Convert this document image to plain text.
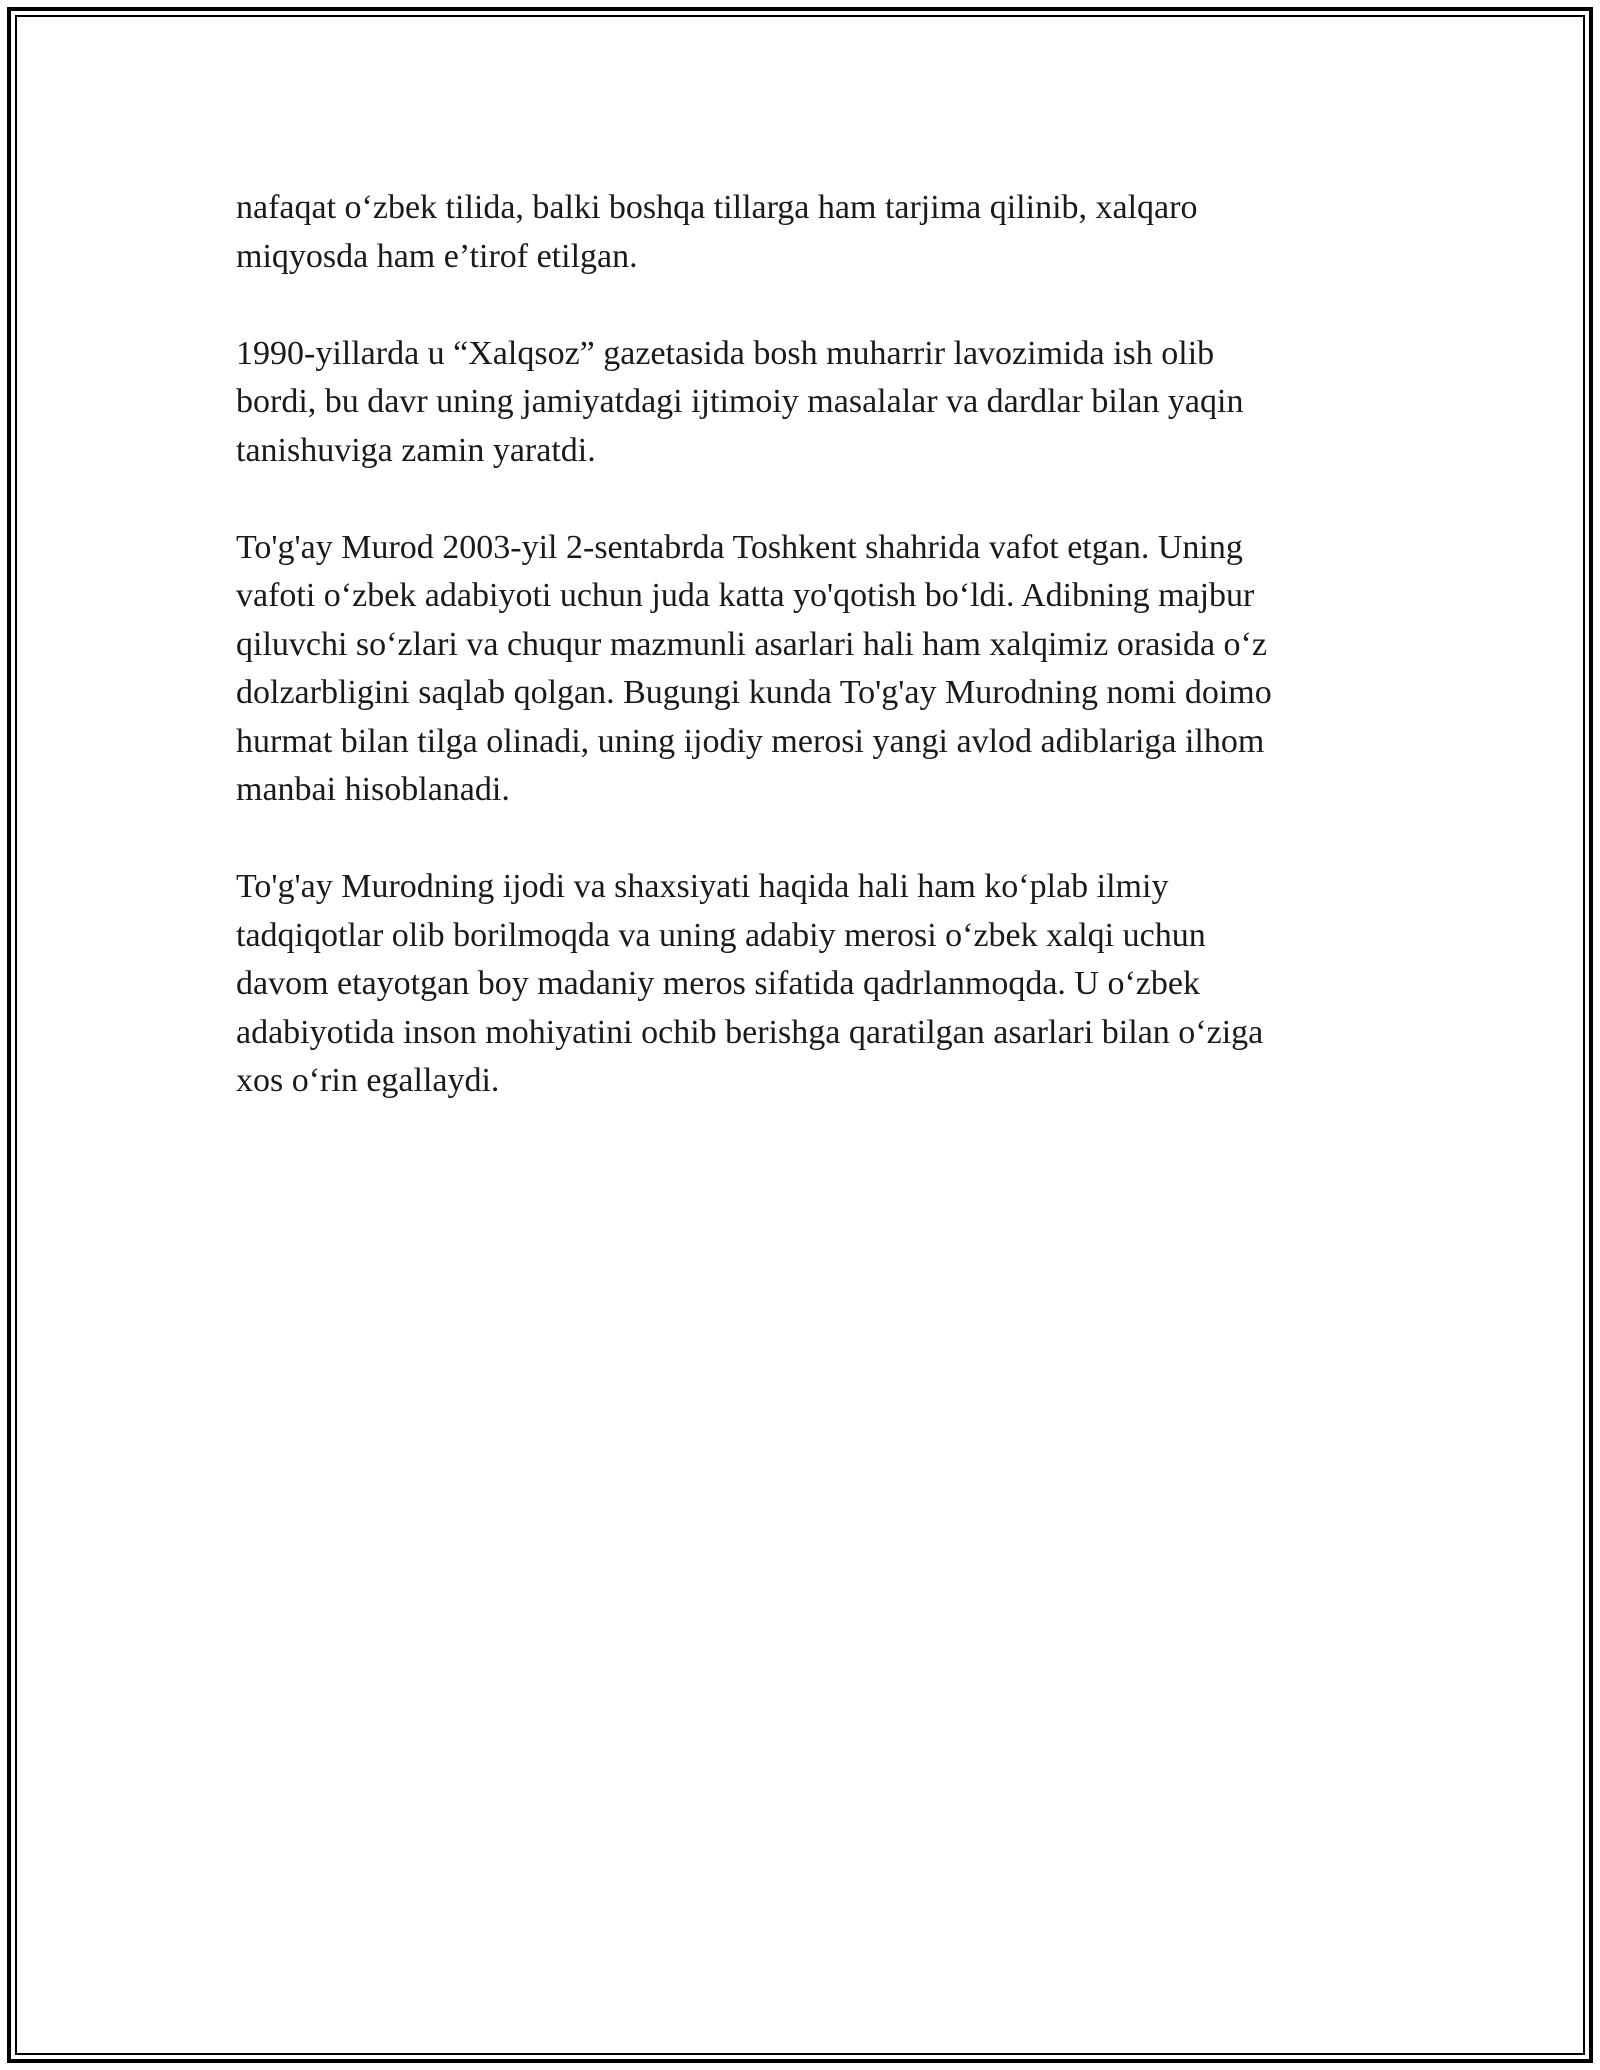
nafaqat o‘zbek tilida, balki boshqa tillarga ham tarjima qilinib, xalqaro
miqyosda ham e’tirof etilgan.

1990-yillarda u “Xalqsoz” gazetasida bosh muharrir lavozimida ish olib
bordi, bu davr uning jamiyatdagi ijtimoiy masalalar va dardlar bilan yaqin
tanishuviga zamin yaratdi.

To'g'ay Murod 2003-yil 2-sentabrda Toshkent shahrida vafot etgan. Uning
vafoti o‘zbek adabiyoti uchun juda katta yo'qotish bo‘ldi. Adibning majbur
qiluvchi so‘zlari va chuqur mazmunli asarlari hali ham xalqimiz orasida o‘z
dolzarbligini saqlab qolgan. Bugungi kunda To'g'ay Murodning nomi doimo
hurmat bilan tilga olinadi, uning ijodiy merosi yangi avlod adiblariga ilhom
manbai hisoblanadi.

To'g'ay Murodning ijodi va shaxsiyati haqida hali ham ko‘plab ilmiy
tadqiqotlar olib borilmoqda va uning adabiy merosi o‘zbek xalqi uchun
davom etayotgan boy madaniy meros sifatida qadrlanmoqda. U o‘zbek
adabiyotida inson mohiyatini ochib berishga qaratilgan asarlari bilan o‘ziga
xos o‘rin egallaydi.
